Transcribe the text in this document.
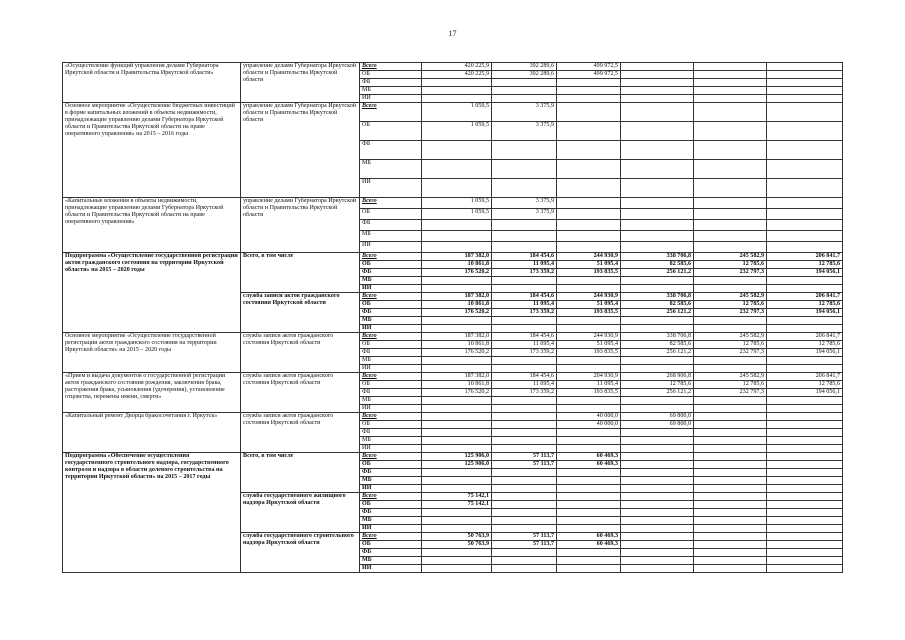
17
«Осуществление функций управления делами Губернатора Иркутской области и Правительства Иркутской области»	управление делами Губернатора Иркутской области и Правительства Иркутской области	Всего	420 225,9	392 289,6	499 972,5			
		ОБ	420 225,9	392 289,6	499 972,5			
		ФБ						
		МБ						
		ИИ						
Основное мероприятие «Осуществление бюджетных инвестиций в форме капитальных вложений в объекты недвижимости, принадлежащие управлению делами Губернатора Иркутской области и Правительства Иркутской области на праве оперативного управления» на 2015 – 2016 годы	управление делами Губернатора Иркутской области и Правительства Иркутской области	Всего	1 059,5	3 375,9				
		ОБ	1 059,5	3 375,9				
		ФБ						
		МБ						
		ИИ						
«Капитальные вложения в объекты недвижимости, принадлежащие управлению делами Губернатора Иркутской области и Правительства Иркутской области на праве оперативного управления»	управление делами Губернатора Иркутской области и Правительства Иркутской области	Всего	1 059,5	3 375,9				
		ОБ	1 059,5	3 375,9				
		ФБ						
		МБ						
		ИИ						
Подпрограмма «Осуществление государственной регистрации актов гражданского состояния на территории Иркутской области» на 2015 – 2020 годы	Всего, в том числе	Всего	187 382,0	184 454,6	244 930,9	338 706,8	245 582,9	206 841,7
		ОБ	10 861,8	11 095,4	51 095,4	82 585,6	12 785,6	12 785,6
		ФБ	176 520,2	173 359,2	193 835,5	256 121,2	232 797,3	194 056,1
		МБ						
		ИИ						
	служба записи актов гражданского состояния Иркутской области	Всего	187 382,0	184 454,6	244 930,9	338 706,8	245 582,9	206 841,7
		ОБ	10 861,8	11 095,4	51 095,4	82 585,6	12 785,6	12 785,6
		ФБ	176 520,2	173 359,2	193 835,5	256 121,2	232 797,3	194 056,1
		МБ						
		ИИ						
Основное мероприятие «Осуществление государственной регистрации актов гражданского состояния на территории Иркутской области» на 2015 – 2020 годы	служба записи актов гражданского состояния Иркутской области	Всего	187 382,0	184 454,6	244 930,9	338 706,8	245 582,9	206 841,7
		ОБ	10 861,8	11 095,4	51 095,4	82 585,6	12 785,6	12 785,6
		ФБ	176 520,2	173 359,2	193 835,5	256 121,2	232 797,3	194 056,1
		МБ						
		ИИ						
«Прием и выдача документов о государственной регистрации актов гражданского состояния рождения, заключения брака, расторжения брака, усыновления (удочерения), установление отцовства, перемены имени, смерти»	служба записи актов гражданского состояния Иркутской области	Всего	187 382,0	184 454,6	204 930,9	268 906,8	245 582,9	206 841,7
		ОБ	10 861,8	11 095,4	11 095,4	12 785,6	12 785,6	12 785,6
		ФБ	176 520,2	173 359,2	193 835,5	256 121,2	232 797,3	194 056,1
		МБ						
		ИИ						
«Капитальный ремонт Дворца бракосочетания г. Иркутск»	служба записи актов гражданского состояния Иркутской области	Всего			40 000,0	69 800,0		
		ОБ			40 000,0	69 800,0		
		ФБ						
		МБ						
		ИИ						
Подпрограмма «Обеспечение осуществления государственного строительного надзора, государственного контроля и надзора в области долевого строительства на территории Иркутской области» на 2015 – 2017 годы	Всего, в том числе	Всего	125 906,0	57 113,7	60 469,3			
		ОБ	125 906,0	57 113,7	60 469,3			
		ФБ						
		МБ						
		ИИ						
	служба государственного жилищного надзора Иркутской области	Всего	75 142,1					
		ОБ	75 142,1					
		ФБ						
		МБ						
		ИИ						
	служба государственного строительного надзора Иркутской области	Всего	50 763,9	57 113,7	60 469,3			
		ОБ	50 763,9	57 113,7	60 469,3			
		ФБ						
		МБ						
		ИИ						
